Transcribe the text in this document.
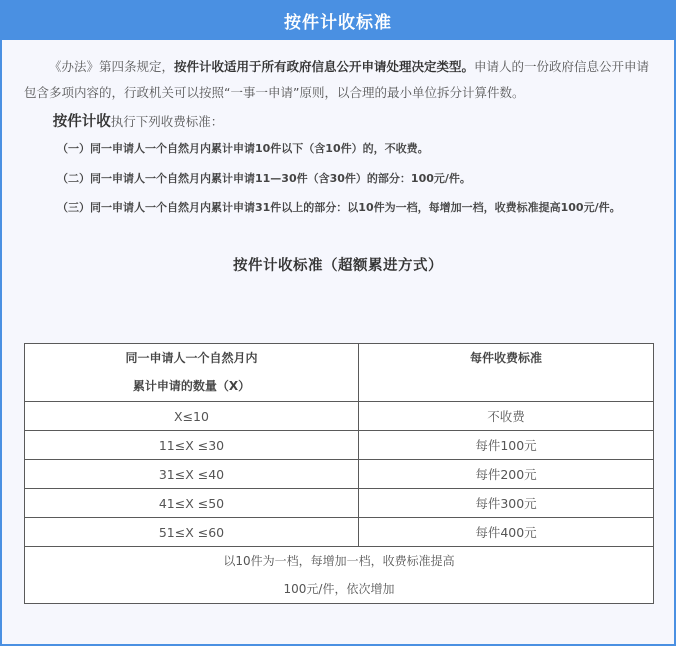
按件计收标准

《办法》第四条规定，按件计收适用于所有政府信息公开申请处理决定类型。申请人的一份政府信息公开申请包含多项内容的，行政机关可以按照“一事一申请”原则，以合理的最小单位拆分计算件数。

按件计收执行下列收费标准：

（一）同一申请人一个自然月内累计申请10件以下（含10件）的，不收费。

（二）同一申请人一个自然月内累计申请11—30件（含30件）的部分：100元/件。

（三）同一申请人一个自然月内累计申请31件以上的部分：以10件为一档，每增加一档，收费标准提高100元/件。

按件计收标准（超额累进方式）
同一申请人一个自然月内
累计申请的数量（X）	每件收费标准

X≤10	不收费
11≤X ≤30	每件100元
31≤X ≤40	每件200元
41≤X ≤50	每件300元
51≤X ≤60	每件400元

以10件为一档，每增加一档，收费标准提高
100元/件，依次增加	
